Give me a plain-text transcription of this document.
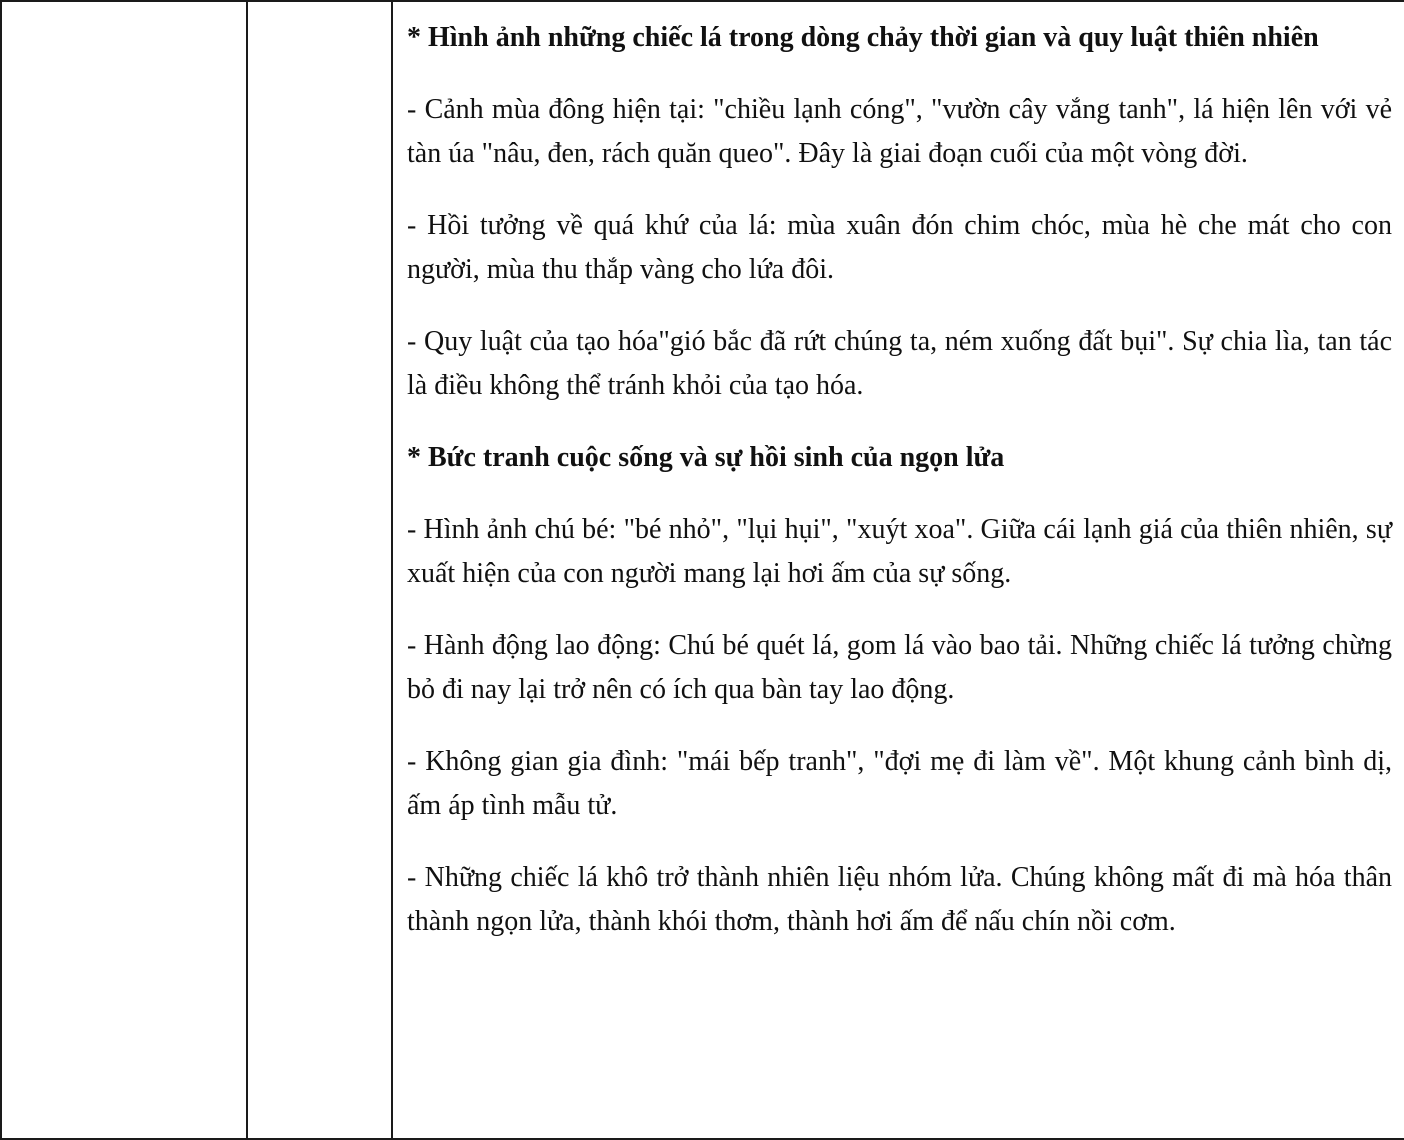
* Hình ảnh những chiếc lá trong dòng chảy thời gian và quy luật thiên nhiên

- Cảnh mùa đông hiện tại: "chiều lạnh cóng", "vườn cây vắng tanh", lá hiện lên với vẻ tàn úa "nâu, đen, rách quăn queo". Đây là giai đoạn cuối của một vòng đời.

- Hồi tưởng về quá khứ của lá: mùa xuân đón chim chóc, mùa hè che mát cho con người, mùa thu thắp vàng cho lứa đôi.

- Quy luật của tạo hóa"gió bắc đã rứt chúng ta, ném xuống đất bụi". Sự chia lìa, tan tác là điều không thể tránh khỏi của tạo hóa.

* Bức tranh cuộc sống và sự hồi sinh của ngọn lửa

- Hình ảnh chú bé: "bé nhỏ", "lụi hụi", "xuýt xoa". Giữa cái lạnh giá của thiên nhiên, sự xuất hiện của con người mang lại hơi ấm của sự sống.

- Hành động lao động: Chú bé quét lá, gom lá vào bao tải. Những chiếc lá tưởng chừng bỏ đi nay lại trở nên có ích qua bàn tay lao động.

- Không gian gia đình: "mái bếp tranh", "đợi mẹ đi làm về". Một khung cảnh bình dị, ấm áp tình mẫu tử.

- Những chiếc lá khô trở thành nhiên liệu nhóm lửa. Chúng không mất đi mà hóa thân thành ngọn lửa, thành khói thơm, thành hơi ấm để nấu chín nồi cơm.
